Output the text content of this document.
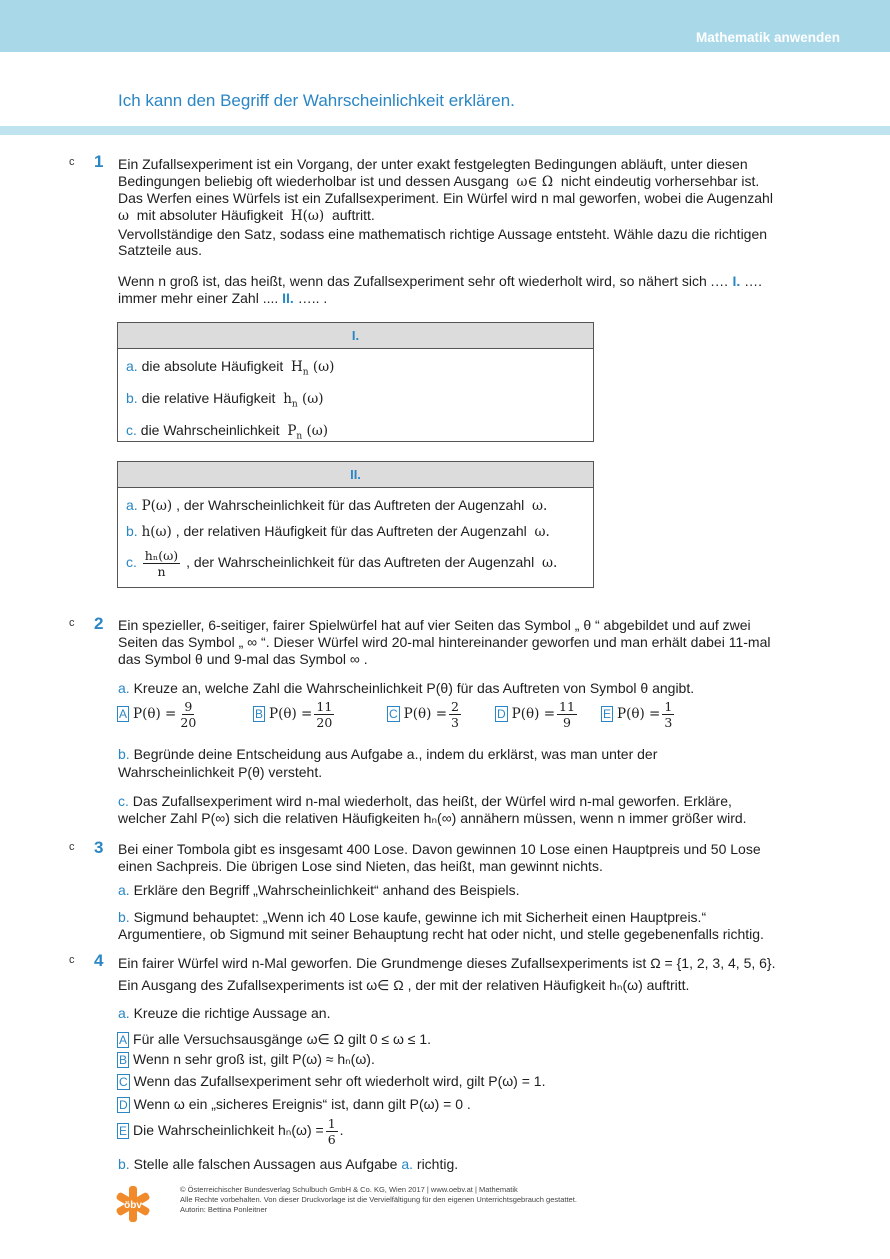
Mathematik anwenden
Ich kann den Begriff der Wahrscheinlichkeit erklären.
c 1 Ein Zufallsexperiment ist ein Vorgang, der unter exakt festgelegten Bedingungen abläuft, unter diesen
Bedingungen beliebig oft wiederholbar ist und dessen Ausgang ω∈ Ω nicht eindeutig vorhersehbar ist.
Das Werfen eines Würfels ist ein Zufallsexperiment. Ein Würfel wird n mal geworfen, wobei die Augenzahl
ω mit absoluter Häufigkeit H(ω) auftritt.
Vervollständige den Satz, sodass eine mathematisch richtige Aussage entsteht. Wähle dazu die richtigen
Satzteile aus.
Wenn n groß ist, das heißt, wenn das Zufallsexperiment sehr oft wiederholt wird, so nähert sich .… I. ….
immer mehr einer Zahl .... II. ….. .
I.
a. die absolute Häufigkeit $H_n$ (ω)
b. die relative Häufigkeit $h_n$ (ω)
c. die Wahrscheinlichkeit $P_n$ (ω)
II.
a. P(ω) , der Wahrscheinlichkeit für das Auftreten der Augenzahl ω.
b. h(ω) , der relativen Häufigkeit für das Auftreten der Augenzahl ω.
c. $\frac{\text{hₙ(ω)}}{n}$ , der Wahrscheinlichkeit für das Auftreten der Augenzahl ω.
c 2 Ein spezieller, 6-seitiger, fairer Spielwürfel hat auf vier Seiten das Symbol „ θ “ abgebildet und auf zwei
Seiten das Symbol „ ∞ “. Dieser Würfel wird 20-mal hintereinander geworfen und man erhält dabei 11-mal
das Symbol θ und 9-mal das Symbol ∞ .
a. Kreuze an, welche Zahl die Wahrscheinlichkeit P(θ) für das Auftreten von Symbol θ angibt.
A $P(\theta) = \frac{9}{20}$	B $P(\theta) = \frac{11}{20}$	C $P(\theta) = \frac{2}{3}$	D $P(\theta) = \frac{11}{9}$ E $P(\theta) = \frac{1}{3}$
b. Begründe deine Entscheidung aus Aufgabe a., indem du erklärst, was man unter der
Wahrscheinlichkeit P(θ) versteht.
c. Das Zufallsexperiment wird n-mal wiederholt, das heißt, der Würfel wird n-mal geworfen. Erkläre,
welcher Zahl P(∞) sich die relativen Häufigkeiten hₙ(∞) annähern müssen, wenn n immer größer wird.
c 3 Bei einer Tombola gibt es insgesamt 400 Lose. Davon gewinnen 10 Lose einen Hauptpreis und 50 Lose
einen Sachpreis. Die übrigen Lose sind Nieten, das heißt, man gewinnt nichts.
a. Erkläre den Begriff „Wahrscheinlichkeit“ anhand des Beispiels.
b. Sigmund behauptet: „Wenn ich 40 Lose kaufe, gewinne ich mit Sicherheit einen Hauptpreis.“
Argumentiere, ob Sigmund mit seiner Behauptung recht hat oder nicht, und stelle gegebenenfalls richtig.
c 4 Ein fairer Würfel wird n-Mal geworfen. Die Grundmenge dieses Zufallsexperiments ist Ω = {1, 2, 3, 4, 5, 6}.
Ein Ausgang des Zufallsexperiments ist ω∈ Ω , der mit der relativen Häufigkeit hₙ(ω) auftritt.
a. Kreuze die richtige Aussage an.
A Für alle Versuchsausgänge ω∈ Ω gilt 0 ≤ ω ≤ 1.
B Wenn n sehr groß ist, gilt P(ω) ≈ hₙ(ω).
C Wenn das Zufallsexperiment sehr oft wiederholt wird, gilt P(ω) = 1.
D Wenn ω ein „sicheres Ereignis“ ist, dann gilt P(ω) = 0 .
E Die Wahrscheinlichkeit $h_n(\omega) = \frac{1}{6}$ .
b. Stelle alle falschen Aussagen aus Aufgabe a. richtig.
öbv
© Österreichischer Bundesverlag Schulbuch GmbH & Co. KG, Wien 2017 | www.oebv.at | Mathematik
Alle Rechte vorbehalten. Von dieser Druckvorlage ist die Vervielfältigung für den eigenen Unterrichtsgebrauch gestattet.
Autorin: Bettina Ponleitner
